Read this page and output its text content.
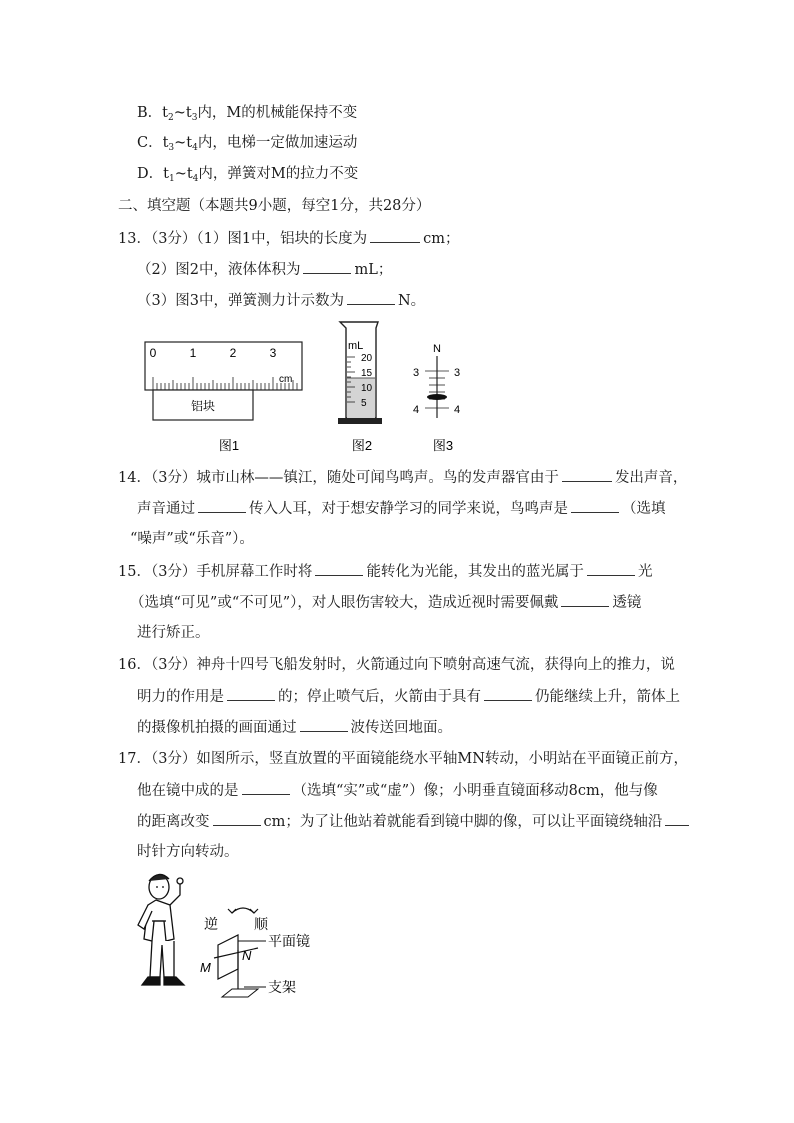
B．$t_2\sim t_3$内，M的机械能保持不变
C．$t_3\sim t_4$内，电梯一定做加速运动
D．$t_1\sim t_4$内，弹簧对M的拉力不变
二、填空题（本题共9小题，每空1分，共28分）
13．（3分）（1）图1中，铝块的长度为	cm；
（2）图2中，液体体积为	mL；
（3）图3中，弹簧测力计示数为	N。
0	1	2	3
cm
铝块
图1
mL
20
15
10
5
图2
N
3	3
4	4
图3
14．（3分）城市山林——镇江，随处可闻鸟鸣声。鸟的发声器官由于	发出声音，
声音通过	传入人耳，对于想安静学习的同学来说，鸟鸣声是	（选填
“噪声”或“乐音”）。
15．（3分）手机屏幕工作时将	能转化为光能，其发出的蓝光属于	光
（选填“可见”或“不可见”），对人眼伤害较大，造成近视时需要佩戴	透镜
进行矫正。
16．（3分）神舟十四号飞船发射时，火箭通过向下喷射高速气流，获得向上的推力，说
明力的作用是	的；停止喷气后，火箭由于具有	仍能继续上升，箭体上
的摄像机拍摄的画面通过	波传送回地面。
17．（3分）如图所示，竖直放置的平面镜能绕水平轴MN转动，小明站在平面镜正前方，
他在镜中成的是	（选填“实”或“虚”）像；小明垂直镜面移动8cm，他与像
的距离改变	cm；为了让他站着就能看到镜中脚的像，可以让平面镜绕轴沿
时针方向转动。
逆	顺
平面镜
M
N
支架
